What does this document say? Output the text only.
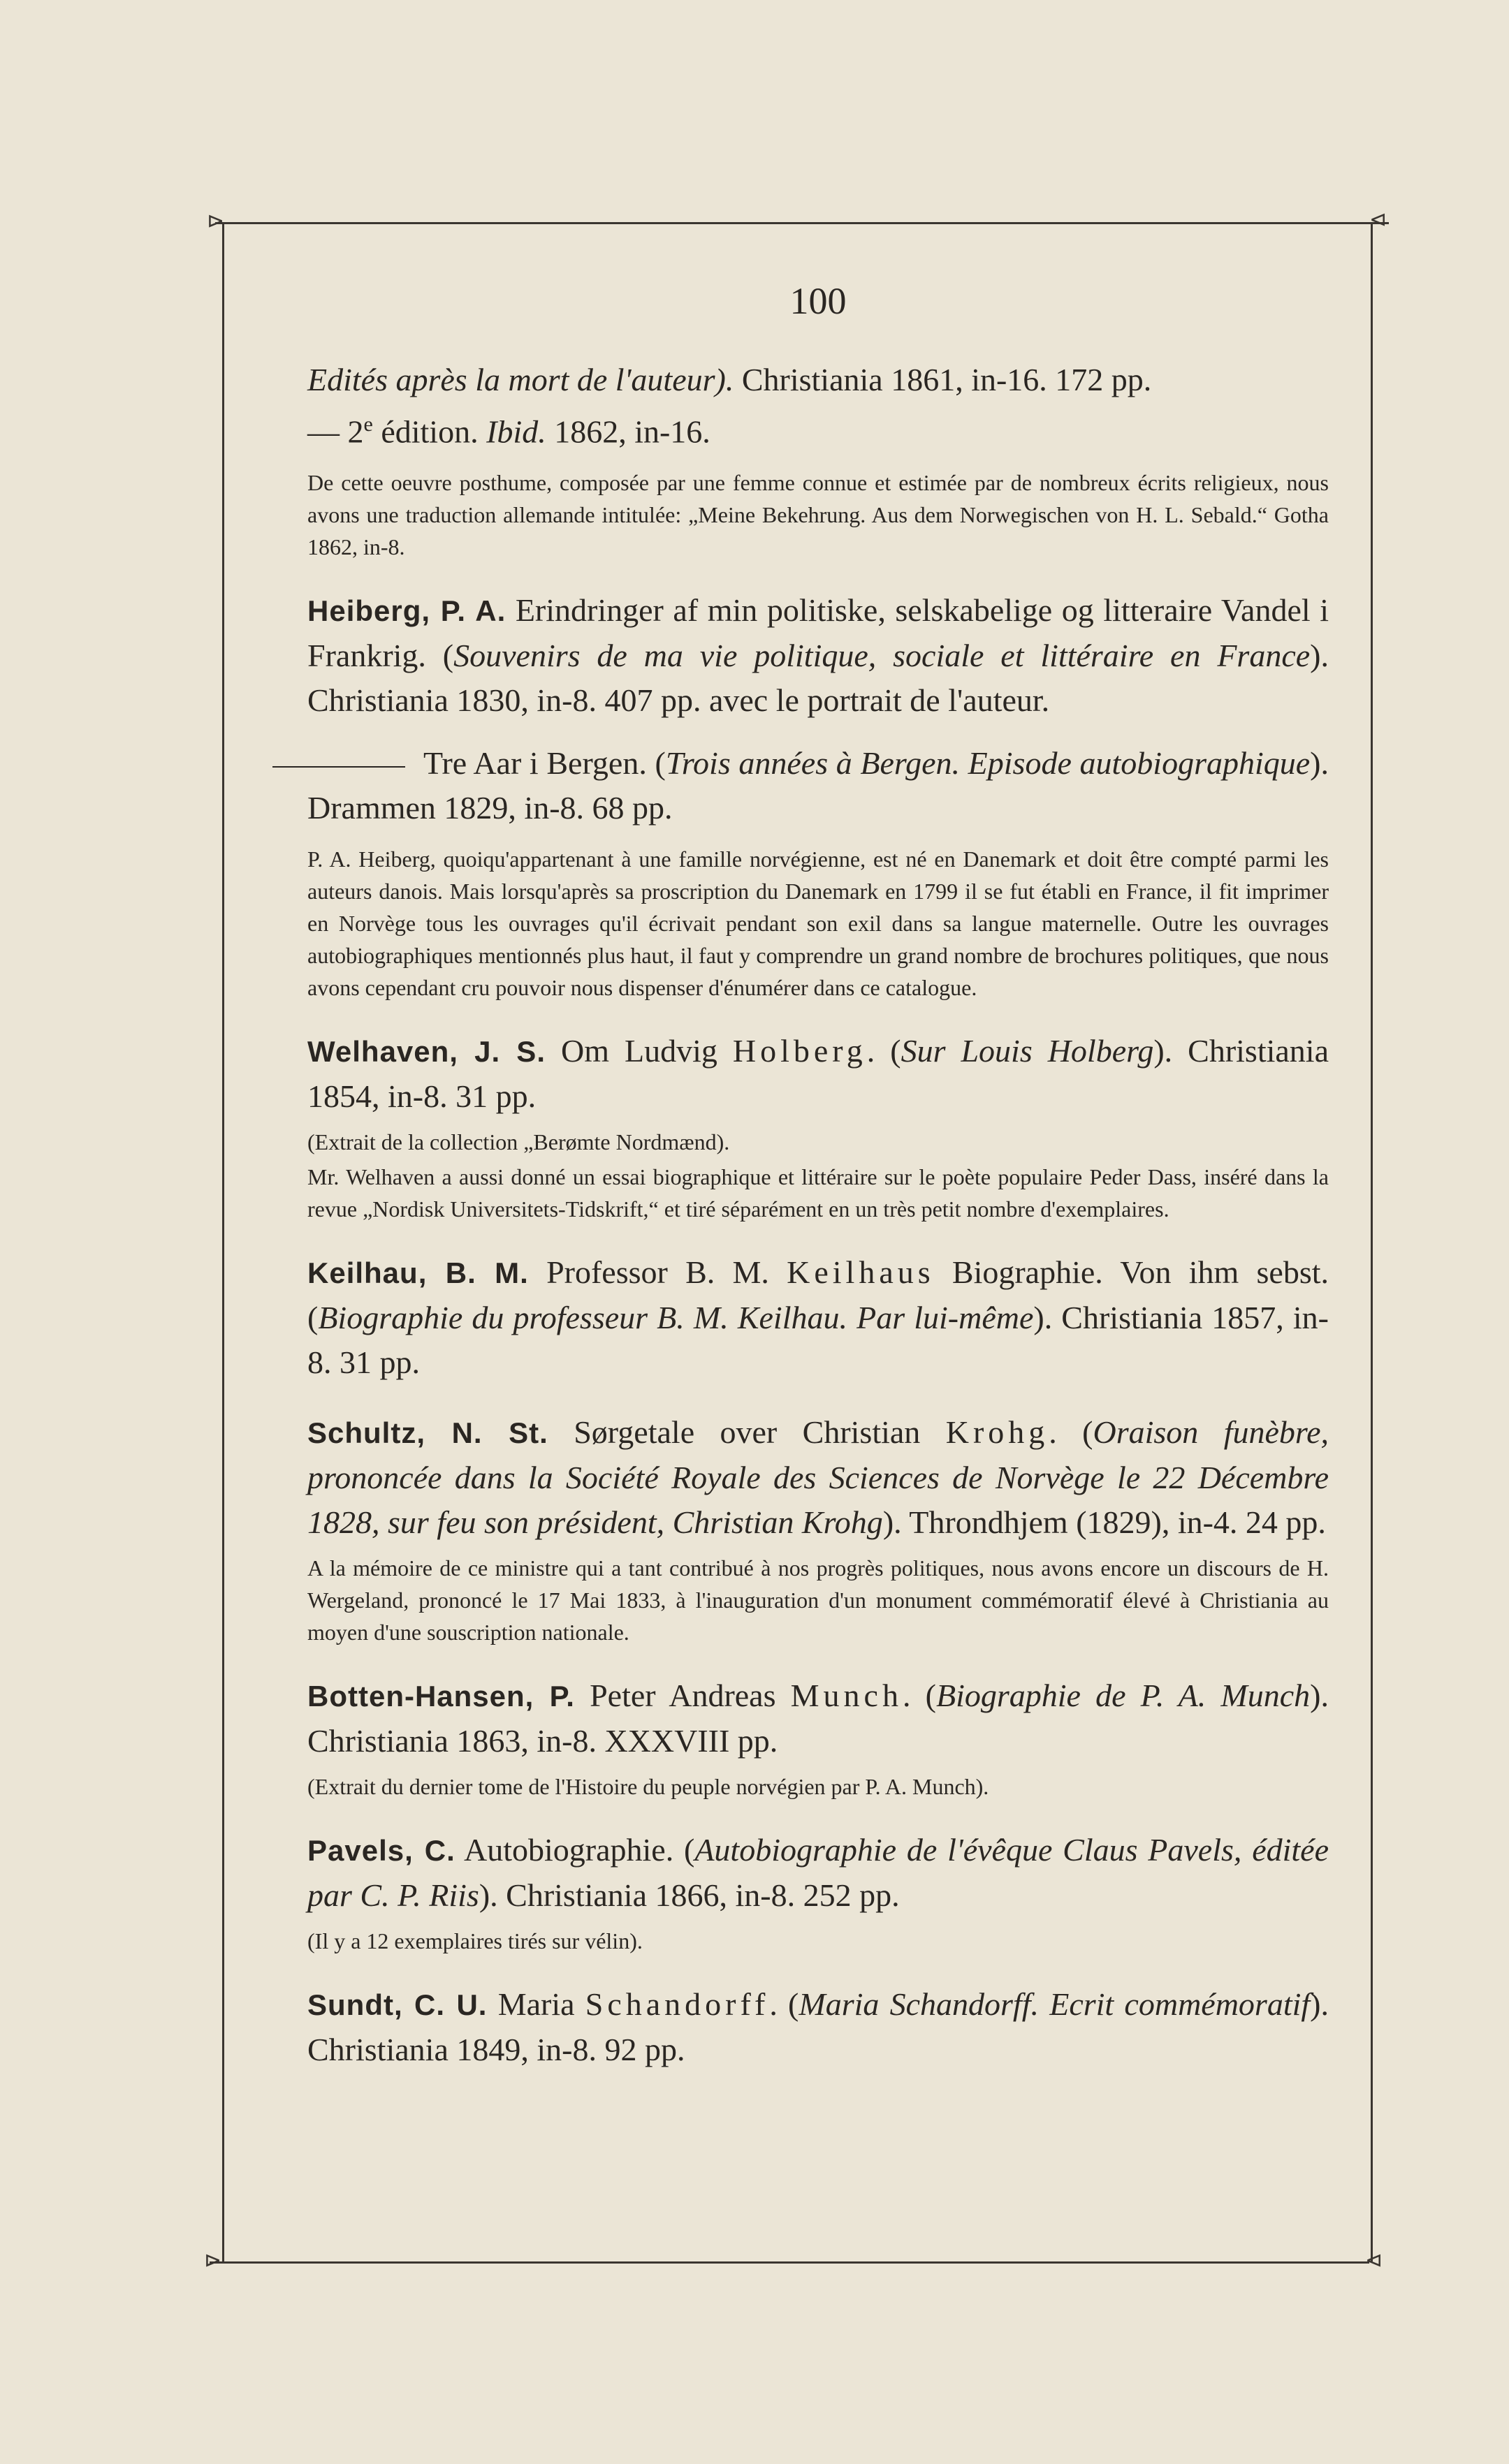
⊳	⊲
⊳	⊲
100

Edités après la mort de l'auteur). Christiania 1861, in-16. 172 pp.
— 2e édition. Ibid. 1862, in-16.

De cette oeuvre posthume, composée par une femme connue et estimée par de nombreux écrits religieux, nous avons une traduction allemande intitulée: „Meine Bekehrung. Aus dem Norwegischen von H. L. Sebald.“ Gotha 1862, in-8.

Heiberg, P. A. Erindringer af min politiske, selskabelige og litteraire Vandel i Frankrig. (Souvenirs de ma vie politique, sociale et littéraire en France). Christiania 1830, in-8. 407 pp. avec le portrait de l'auteur.

Tre Aar i Bergen. (Trois années à Bergen. Episode autobiographique). Drammen 1829, in-8. 68 pp.

P. A. Heiberg, quoiqu'appartenant à une famille norvégienne, est né en Danemark et doit être compté parmi les auteurs danois. Mais lorsqu'après sa proscription du Danemark en 1799 il se fut établi en France, il fit imprimer en Norvège tous les ouvrages qu'il écrivait pendant son exil dans sa langue maternelle. Outre les ouvrages autobiographiques mentionnés plus haut, il faut y comprendre un grand nombre de brochures politiques, que nous avons cependant cru pouvoir nous dispenser d'énumérer dans ce catalogue.

Welhaven, J. S. Om Ludvig Holberg. (Sur Louis Holberg). Christiania 1854, in-8. 31 pp.

(Extrait de la collection „Berømte Nordmænd).

Mr. Welhaven a aussi donné un essai biographique et littéraire sur le poète populaire Peder Dass, inséré dans la revue „Nordisk Universitets-Tidskrift,“ et tiré séparément en un très petit nombre d'exemplaires.

Keilhau, B. M. Professor B. M. Keilhaus Biographie. Von ihm sebst. (Biographie du professeur B. M. Keilhau. Par lui-même). Christiania 1857, in-8. 31 pp.

Schultz, N. St. Sørgetale over Christian Krohg. (Oraison funèbre, prononcée dans la Société Royale des Sciences de Norvège le 22 Décembre 1828, sur feu son président, Christian Krohg). Throndhjem (1829), in-4. 24 pp.

A la mémoire de ce ministre qui a tant contribué à nos progrès politiques, nous avons encore un discours de H. Wergeland, prononcé le 17 Mai 1833, à l'inauguration d'un monument commémoratif élevé à Christiania au moyen d'une souscription nationale.

Botten-Hansen, P. Peter Andreas Munch. (Biographie de P. A. Munch). Christiania 1863, in-8. XXXVIII pp.

(Extrait du dernier tome de l'Histoire du peuple norvégien par P. A. Munch).

Pavels, C. Autobiographie. (Autobiographie de l'évêque Claus Pavels, éditée par C. P. Riis). Christiania 1866, in-8. 252 pp.

(Il y a 12 exemplaires tirés sur vélin).

Sundt, C. U. Maria Schandorff. (Maria Schandorff. Ecrit commémoratif). Christiania 1849, in-8. 92 pp.
